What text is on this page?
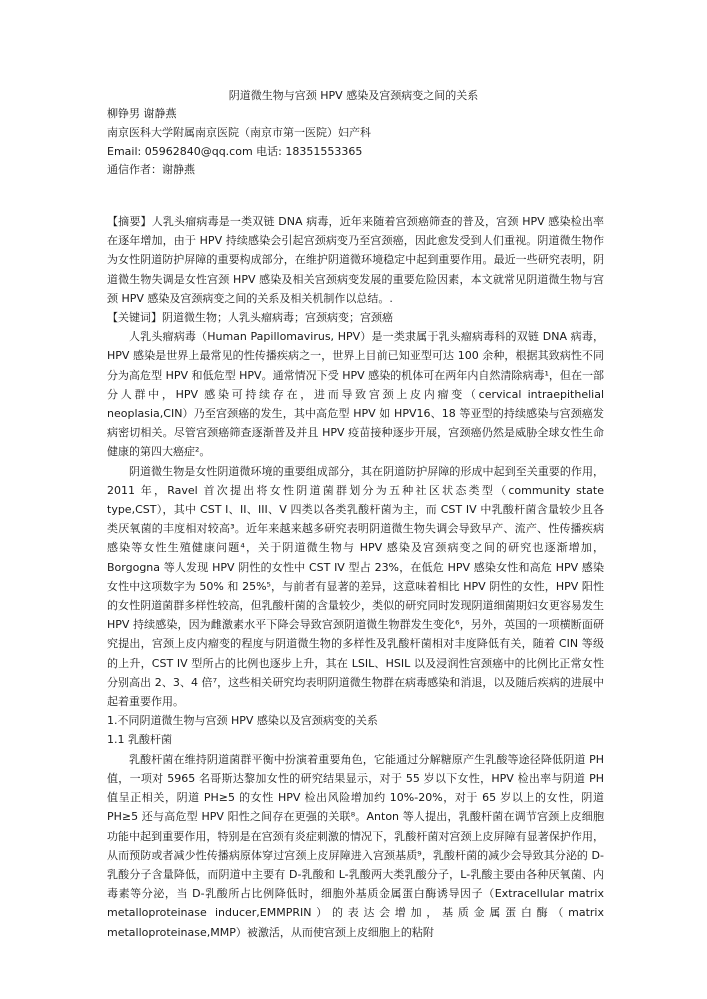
阴道微生物与宫颈 HPV 感染及宫颈病变之间的关系
柳铮男 谢静燕
南京医科大学附属南京医院（南京市第一医院）妇产科
Email: 05962840@qq.com 电话: 18351553365
通信作者：谢静燕

【摘要】人乳头瘤病毒是一类双链 DNA 病毒，近年来随着宫颈癌筛查的普及，宫颈 HPV 感染检出率在逐年增加，由于 HPV 持续感染会引起宫颈病变乃至宫颈癌，因此愈发受到人们重视。阴道微生物作为女性阴道防护屏障的重要构成部分，在维护阴道微环境稳定中起到重要作用。最近一些研究表明，阴道微生物失调是女性宫颈 HPV 感染及相关宫颈病变发展的重要危险因素，本文就常见阴道微生物与宫颈 HPV 感染及宫颈病变之间的关系及相关机制作以总结。.

【关键词】阴道微生物；人乳头瘤病毒；宫颈病变；宫颈癌

人乳头瘤病毒（Human Papillomavirus, HPV）是一类隶属于乳头瘤病毒科的双链 DNA 病毒，HPV 感染是世界上最常见的性传播疾病之一，世界上目前已知亚型可达 100 余种，根据其致病性不同分为高危型 HPV 和低危型 HPV。通常情况下受 HPV 感染的机体可在两年内自然清除病毒¹，但在一部分人群中，HPV 感染可持续存在，进而导致宫颈上皮内瘤变（cervical intraepithelial neoplasia,CIN）乃至宫颈癌的发生，其中高危型 HPV 如 HPV16、18 等亚型的持续感染与宫颈癌发病密切相关。尽管宫颈癌筛查逐渐普及并且 HPV 疫苗接种逐步开展，宫颈癌仍然是威胁全球女性生命健康的第四大癌症²。

阴道微生物是女性阴道微环境的重要组成部分，其在阴道防护屏障的形成中起到至关重要的作用，2011 年，Ravel 首次提出将女性阴道菌群划分为五种社区状态类型（community state type,CST），其中 CST I、II、III、V 四类以各类乳酸杆菌为主，而 CST IV 中乳酸杆菌含量较少且各类厌氧菌的丰度相对较高³。近年来越来越多研究表明阴道微生物失调会导致早产、流产、性传播疾病感染等女性生殖健康问题⁴，关于阴道微生物与 HPV 感染及宫颈病变之间的研究也逐渐增加，Borgogna 等人发现 HPV 阴性的女性中 CST IV 型占 23%，在低危 HPV 感染女性和高危 HPV 感染女性中这项数字为 50% 和 25%⁵，与前者有显著的差异，这意味着相比 HPV 阴性的女性，HPV 阳性的女性阴道菌群多样性较高，但乳酸杆菌的含量较少，类似的研究同时发现阴道细菌期妇女更容易发生 HPV 持续感染，因为雌激素水平下降会导致宫颈阴道微生物群发生变化⁶，另外，英国的一项横断面研究提出，宫颈上皮内瘤变的程度与阴道微生物的多样性及乳酸杆菌相对丰度降低有关，随着 CIN 等级的上升，CST IV 型所占的比例也逐步上升，其在 LSIL、HSIL 以及浸润性宫颈癌中的比例比正常女性分别高出 2、3、4 倍⁷，这些相关研究均表明阴道微生物群在病毒感染和消退，以及随后疾病的进展中起着重要作用。

1.不同阴道微生物与宫颈 HPV 感染以及宫颈病变的关系

1.1 乳酸杆菌

乳酸杆菌在维持阴道菌群平衡中扮演着重要角色，它能通过分解糖原产生乳酸等途径降低阴道 PH 值，一项对 5965 名哥斯达黎加女性的研究结果显示，对于 55 岁以下女性，HPV 检出率与阴道 PH 值呈正相关，阴道 PH≥5 的女性 HPV 检出风险增加约 10%-20%，对于 65 岁以上的女性，阴道 PH≥5 还与高危型 HPV 阳性之间存在更强的关联⁸。Anton 等人提出，乳酸杆菌在调节宫颈上皮细胞功能中起到重要作用，特别是在宫颈有炎症刺激的情况下，乳酸杆菌对宫颈上皮屏障有显著保护作用，从而预防或者减少性传播病原体穿过宫颈上皮屏障进入宫颈基质⁹，乳酸杆菌的减少会导致其分泌的 D-乳酸分子含量降低，而阴道中主要有 D-乳酸和 L-乳酸两大类乳酸分子，L-乳酸主要由各种厌氧菌、内毒素等分泌，当 D-乳酸所占比例降低时，细胞外基质金属蛋白酶诱导因子（Extracellular matrix metalloproteinase inducer,EMMPRIN）的表达会增加，基质金属蛋白酶（matrix metalloproteinase,MMP）被激活，从而使宫颈上皮细胞上的粘附
